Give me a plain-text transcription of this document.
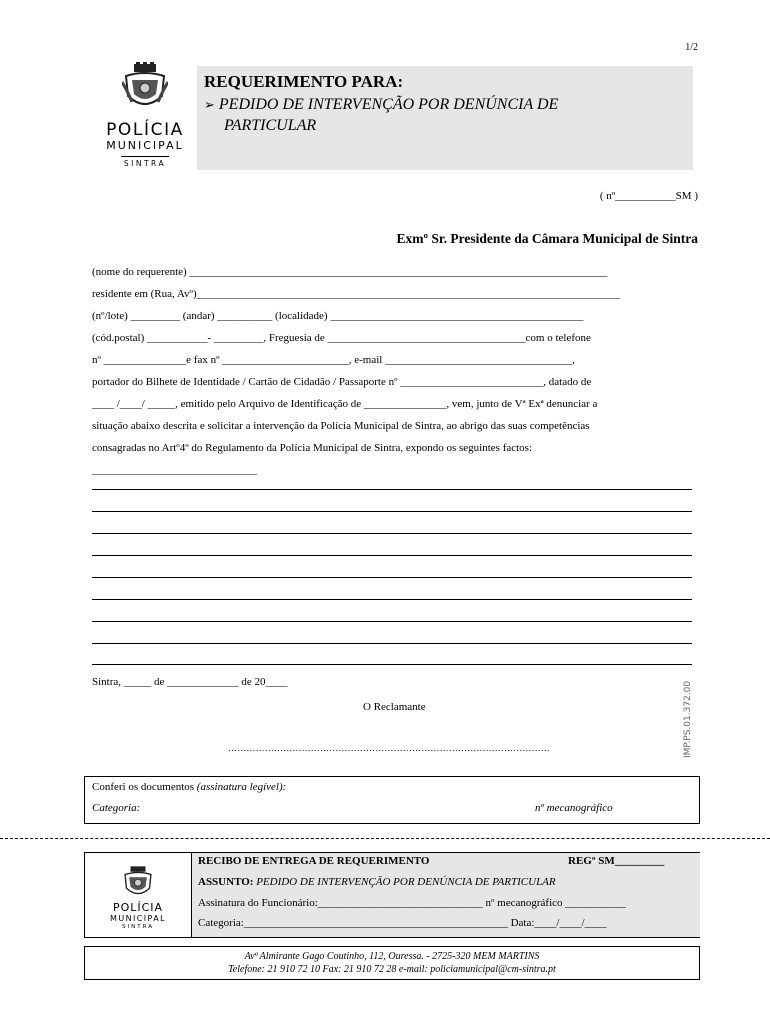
1/2
POLÍCIA
MUNICIPAL
SINTRA
REQUERIMENTO PARA:
➢ PEDIDO DE INTERVENÇÃO POR DENÚNCIA DE
PARTICULAR
( nº___________SM )
Exmº Sr. Presidente da Câmara Municipal de Sintra
(nome do requerente) ____________________________________________________________________________
residente em (Rua, Avº)_____________________________________________________________________________
(nº/lote) _________ (andar) __________ (localidade) ______________________________________________
(cód.postal) ___________- _________, Freguesia de ____________________________________com o telefone
nº _______________e fax nº _______________________, e-mail __________________________________,
portador do Bilhete de Identidade / Cartão de Cidadão / Passaporte nº __________________________, datado de
____ /____/ _____, emitido pelo Arquivo de Identificação de _______________, vem, junto de Vª Exª denunciar a
situação abaixo descrita e solicitar a intervenção da Polícia Municipal de Sintra, ao abrigo das suas competências
consagradas no Artº4º do Regulamento da Polícia Municipal de Sintra, expondo os seguintes factos:
______________________________
Sintra, _____ de _____________ de 20____
O Reclamante
……………………………………………………………………………………………	IMP.PS.01.372.00
Conferi os documentos (assinatura legível):
Categoria:	nº mecanográfico
POLÍCIA
MUNICIPAL
SINTRA
RECIBO DE ENTREGA DE REQUERIMENTO	REGº SM_________
ASSUNTO: PEDIDO DE INTERVENÇÃO POR DENÚNCIA DE PARTICULAR
Assinatura do Funcionário:______________________________ nº mecanográfico ___________
Categoria:________________________________________________ Data:____/____/____
Avª Almirante Gago Coutinho, 112, Ouressa. - 2725-320 MEM MARTINS
Telefone: 21 910 72 10 Fax: 21 910 72 28 e-mail: policiamunicipal@cm-sintra.pt
